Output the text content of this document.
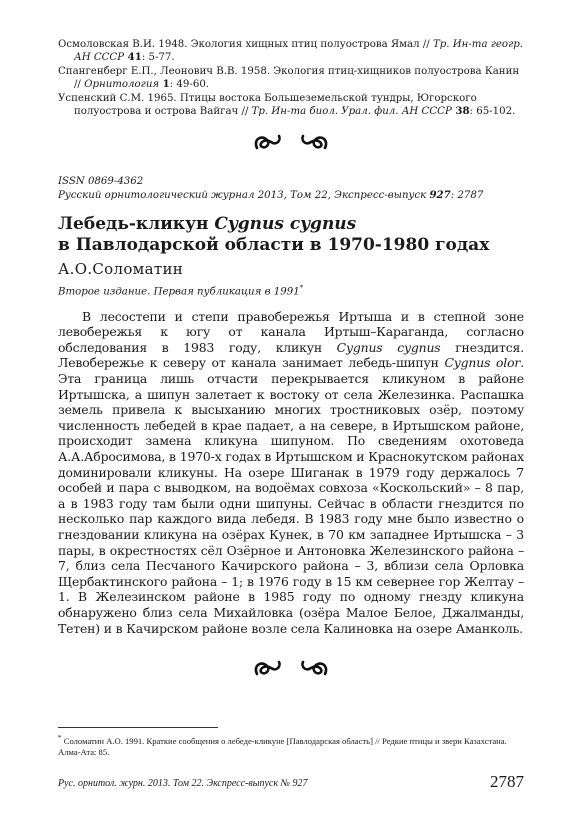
Осмоловская В.И. 1948. Экология хищных птиц полуострова Ямал // Тр. Ин-та геогр. АН СССР 41: 5-77.

Спангенберг Е.П., Леонович В.В. 1958. Экология птиц-хищников полуострова Канин // Орнитология 1: 49-60.

Успенский С.М. 1965. Птицы востока Большеземельской тундры, Югорского полуострова и острова Вайгач // Тр. Ин-та биол. Урал. фил. АН СССР 38: 65-102.

ISSN 0869-4362
Русский орнитологический журнал 2013, Том 22, Экспресс-выпуск 927: 2787
Лебедь-кликун Cygnus cygnus
в Павлодарской области в 1970-1980 годах
А.О.Соломатин
Второе издание. Первая публикация в 1991*

В лесостепи и степи правобережья Иртыша и в степной зоне левобережья к югу от канала Иртыш–Караганда, согласно обследования в 1983 году, кликун Cygnus cygnus гнездится. Левобережье к северу от канала занимает лебедь-шипун Cygnus olor. Эта граница лишь отчасти перекрывается кликуном в районе Иртышска, а шипун залетает к востоку от села Железинка. Распашка земель привела к высыханию многих тростниковых озёр, поэтому численность лебедей в крае падает, а на севере, в Иртышском районе, происходит замена кликуна шипуном. По сведениям охотоведа А.А.Абросимова, в 1970-х годах в Иртышском и Краснокутском районах доминировали кликуны. На озере Шиганак в 1979 году держалось 7 особей и пара с выводком, на водоёмах совхоза «Коскольский» – 8 пар, а в 1983 году там были одни шипуны. Сейчас в области гнездится по несколько пар каждого вида лебедя. В 1983 году мне было известно о гнездовании кликуна на озёрах Кунек, в 70 км западнее Иртышска – 3 пары, в окрестностях сёл Озёрное и Антоновка Железинского района – 7, близ села Песчаного Качирского района – 3, вблизи села Орловка Щербактинского района – 1; в 1976 году в 15 км севернее гор Желтау – 1. В Железинском районе в 1985 году по одному гнезду кликуна обнаружено близ села Михайловка (озёра Малое Белое, Джалманды, Тетен) и в Качирском районе возле села Калиновка на озере Аманколь.

* Соломатин А.О. 1991. Краткие сообщения о лебеде-кликуне [Павлодарская область] // Редкие птицы и звери Казахстана. Алма-Ата: 85.
Рус. орнитол. журн. 2013. Том 22. Экспресс-выпуск № 927	2787
